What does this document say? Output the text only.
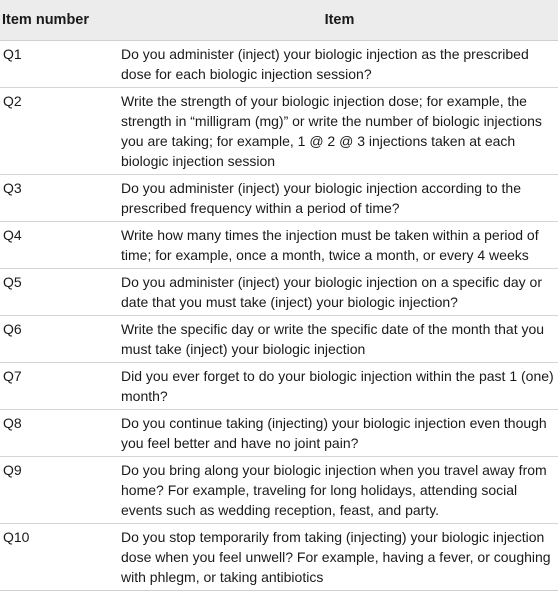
Item number	Item
Q1	Do you administer (inject) your biologic injection as the prescribed dose for each biologic injection session?
Q2	Write the strength of your biologic injection dose; for example, the strength in “milligram (mg)” or write the number of biologic injections you are taking; for example, 1 @ 2 @ 3 injections taken at each biologic injection session
Q3	Do you administer (inject) your biologic injection according to the prescribed frequency within a period of time?
Q4	Write how many times the injection must be taken within a period of time; for example, once a month, twice a month, or every 4 weeks
Q5	Do you administer (inject) your biologic injection on a specific day or date that you must take (inject) your biologic injection?
Q6	Write the specific day or write the specific date of the month that you must take (inject) your biologic injection
Q7	Did you ever forget to do your biologic injection within the past 1 (one) month?
Q8	Do you continue taking (injecting) your biologic injection even though you feel better and have no joint pain?
Q9	Do you bring along your biologic injection when you travel away from home? For example, traveling for long holidays, attending social events such as wedding reception, feast, and party.
Q10	Do you stop temporarily from taking (injecting) your biologic injection dose when you feel unwell? For example, having a fever, or coughing with phlegm, or taking antibiotics
